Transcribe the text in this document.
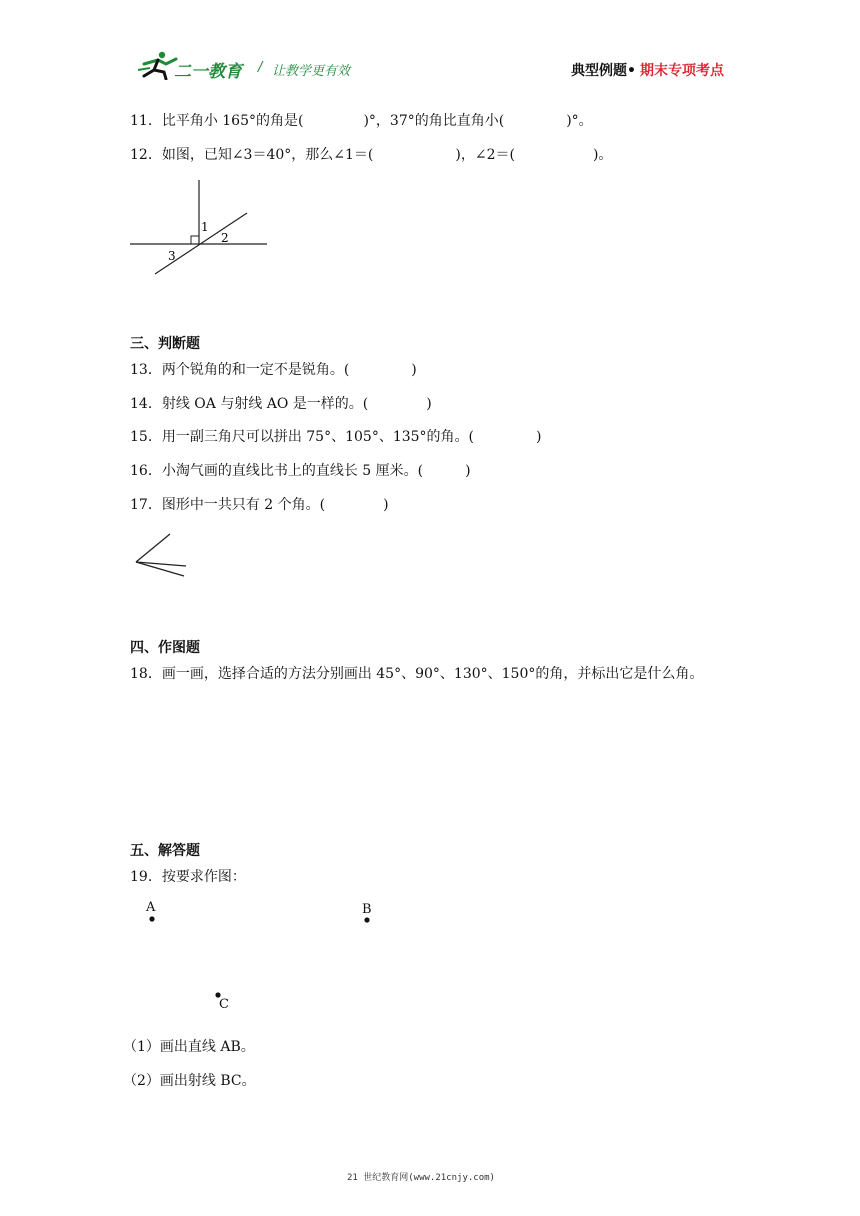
二一教育 / 让教学更有效	典型例题• 期末专项考点
11．比平角小 165°的角是(	)°，37°的角比直角小(	)°。
12．如图，已知∠3＝40°，那么∠1＝(	)，∠2＝(	)。
1
2
3
三、判断题
13．两个锐角的和一定不是锐角。(	)
14．射线 OA 与射线 AO 是一样的。(	)
15．用一副三角尺可以拼出 75°、105°、135°的角。(	)
16．小淘气画的直线比书上的直线长 5 厘米。(	)
17．图形中一共只有 2 个角。(	)
四、作图题
18．画一画，选择合适的方法分别画出 45°、90°、130°、150°的角，并标出它是什么角。
五、解答题
19．按要求作图：
A	B
C
（1）画出直线 AB。
（2）画出射线 BC。
21 世纪教育网(www.21cnjy.com)
